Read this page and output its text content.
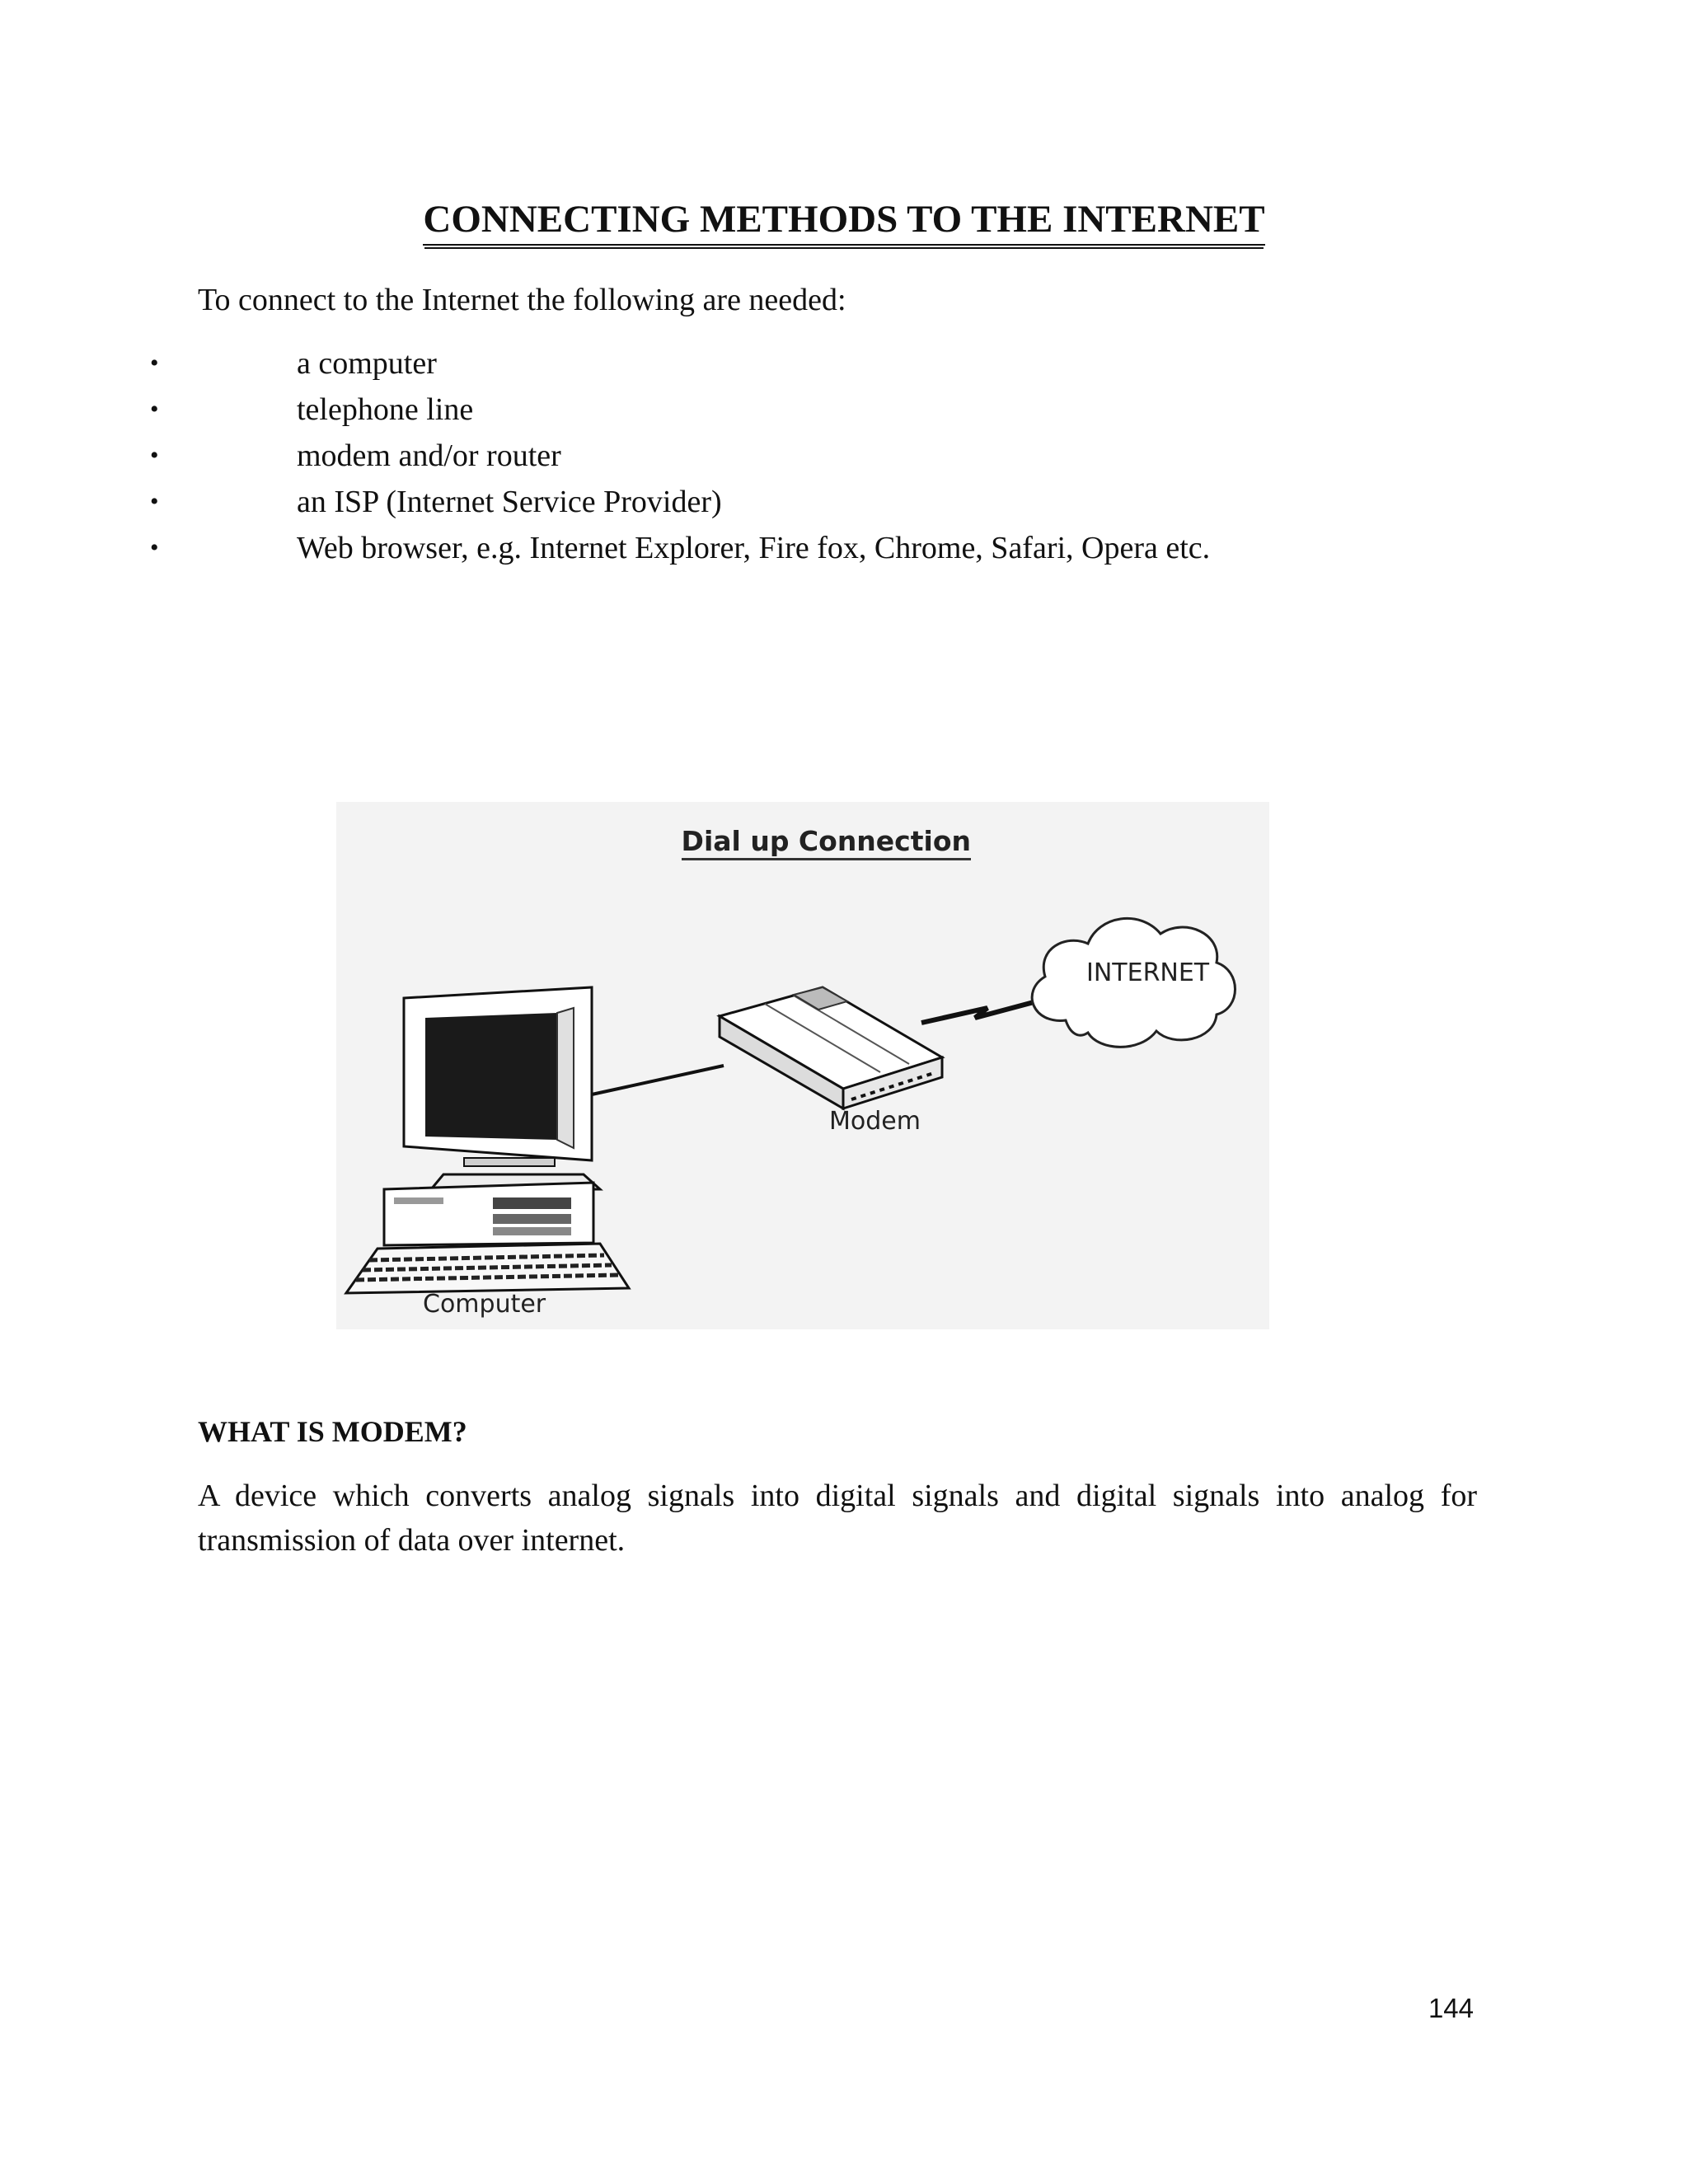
CONNECTING METHODS TO THE INTERNET

To connect to the Internet the following are needed:

•	a computer
•	telephone line
•	modem and/or router
•	an ISP (Internet Service Provider)
•	Web browser, e.g. Internet Explorer, Fire fox, Chrome, Safari, Opera etc.
Dial up Connection
INTERNET
Modem
Computer
WHAT IS MODEM?

A device which converts analog signals into digital signals and digital signals into analog for transmission of data over internet.

144
